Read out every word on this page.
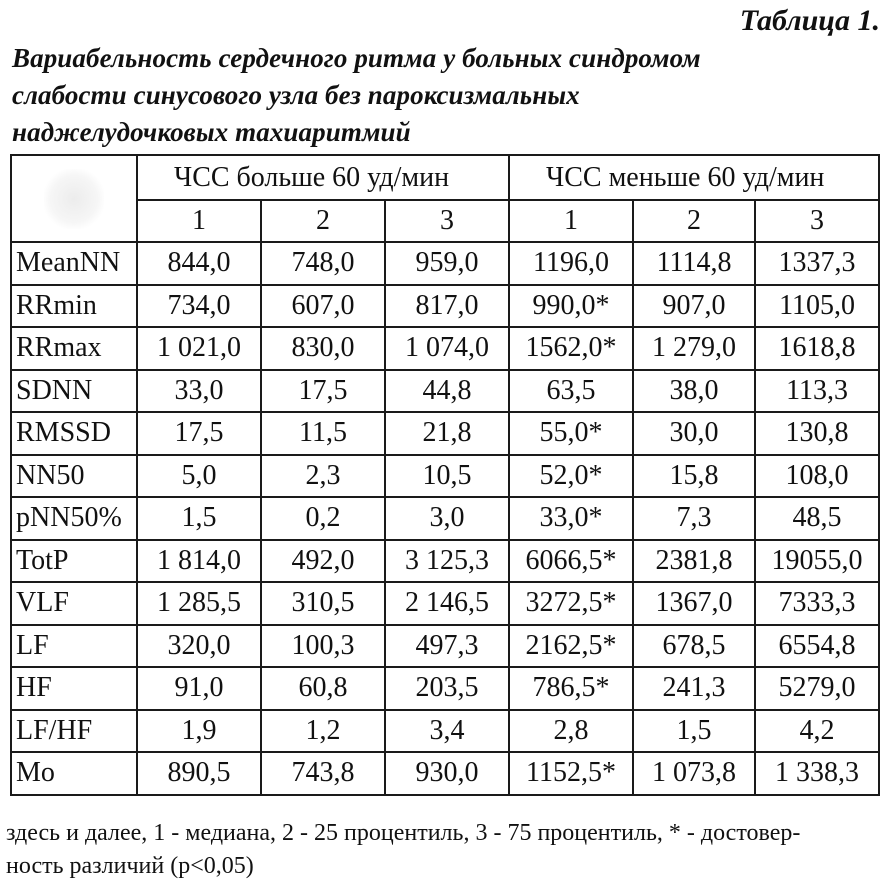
Таблица 1.
Вариабельность сердечного ритма у больных синдромом
слабости синусового узла без пароксизмальных
наджелудочковых тахиаритмий
	ЧСС больше 60 уд/мин			ЧСС меньше 60 уд/мин		
	1	2	3	1	2	3
MeanNN	844,0	748,0	959,0	1196,0	1114,8	1337,3
RRmin	734,0	607,0	817,0	990,0*	907,0	1105,0
RRmax	1 021,0	830,0	1 074,0	1562,0*	1 279,0	1618,8
SDNN	33,0	17,5	44,8	63,5	38,0	113,3
RMSSD	17,5	11,5	21,8	55,0*	30,0	130,8
NN50	5,0	2,3	10,5	52,0*	15,8	108,0
pNN50%	1,5	0,2	3,0	33,0*	7,3	48,5
TotP	1 814,0	492,0	3 125,3	6066,5*	2381,8	19055,0
VLF	1 285,5	310,5	2 146,5	3272,5*	1367,0	7333,3
LF	320,0	100,3	497,3	2162,5*	678,5	6554,8
HF	91,0	60,8	203,5	786,5*	241,3	5279,0
LF/HF	1,9	1,2	3,4	2,8	1,5	4,2
Mo	890,5	743,8	930,0	1152,5*	1 073,8	1 338,3
здесь и далее, 1 - медиана, 2 - 25 процентиль, 3 - 75 процентиль, * - достовер-
ность различий (p<0,05)
